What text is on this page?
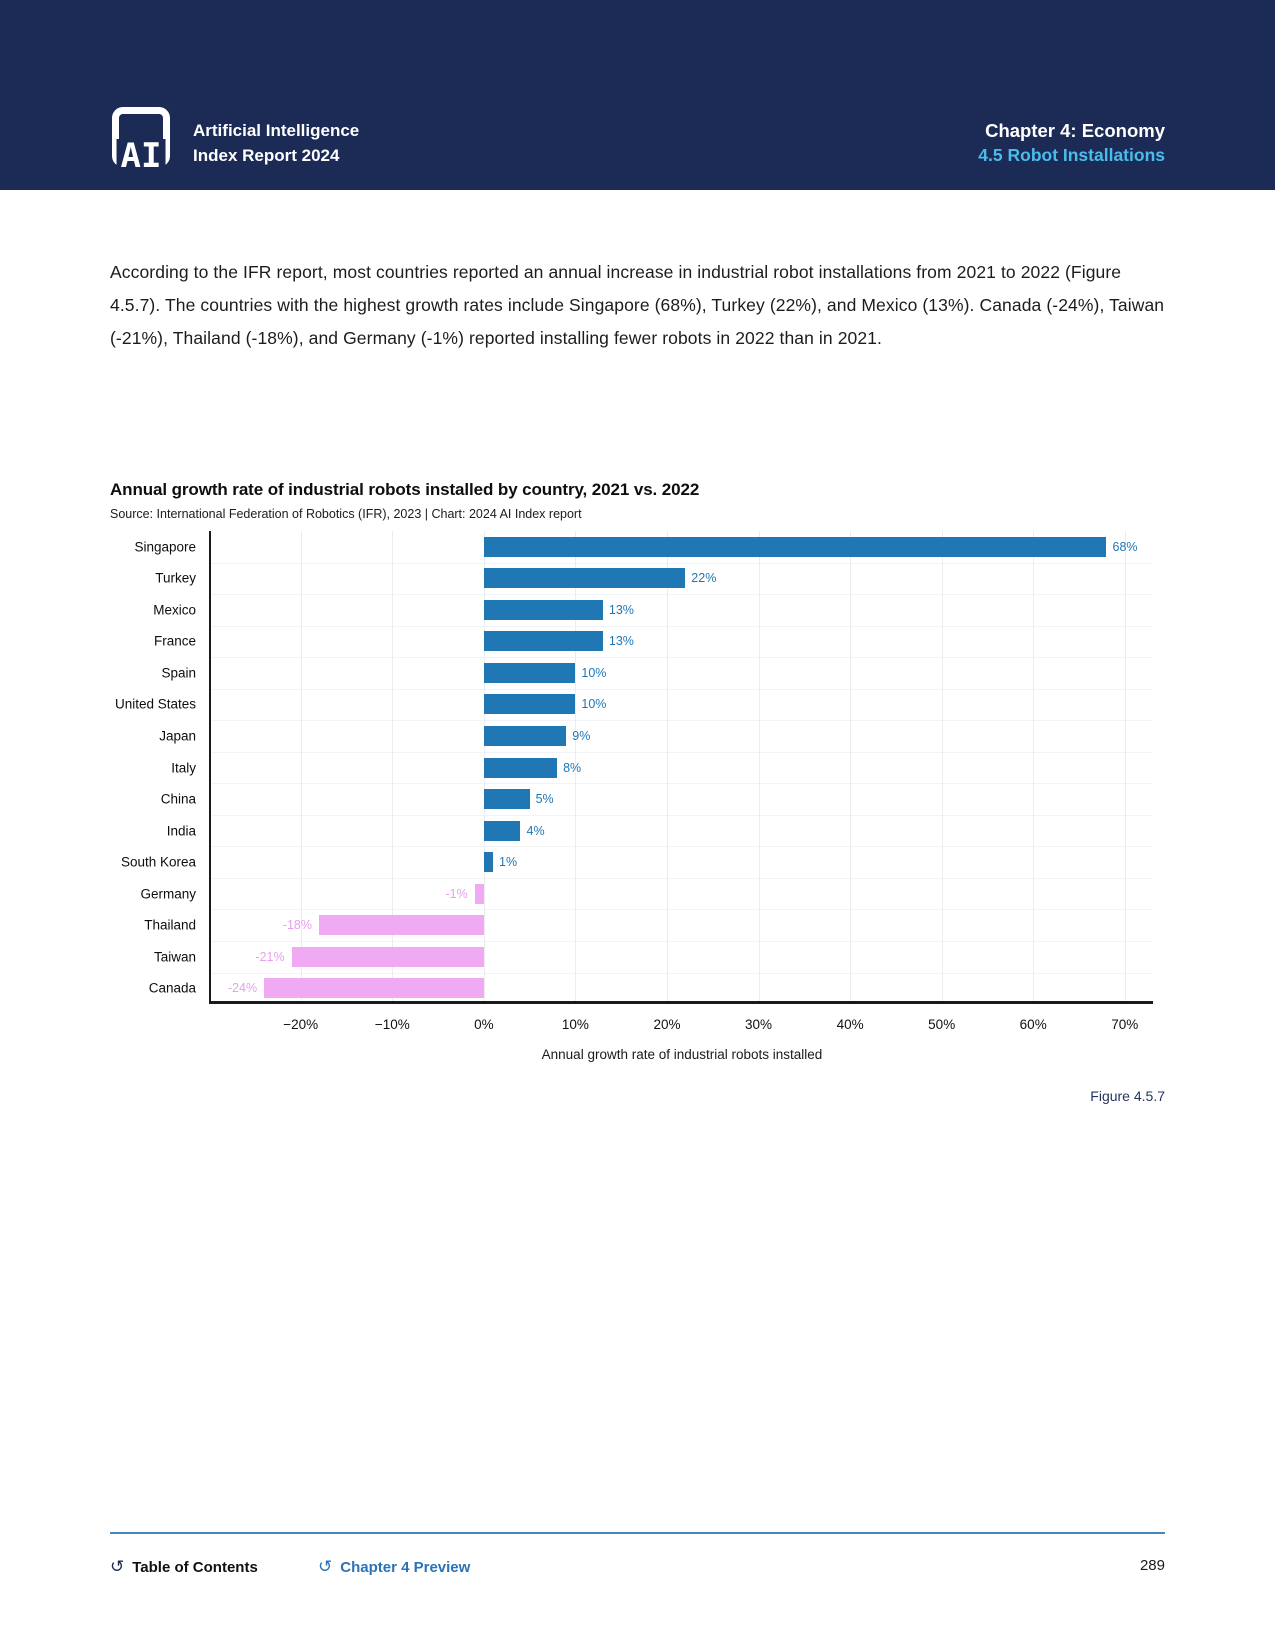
AI
Artificial Intelligence
Index Report 2024
Chapter 4: Economy
4.5 Robot Installations

According to the IFR report, most countries reported an annual increase in industrial robot installations from 2021 to 2022 (Figure 4.5.7). The countries with the highest growth rates include Singapore (68%), Turkey (22%), and Mexico (13%). Canada (-24%), Taiwan (-21%), Thailand (-18%), and Germany (-1%) reported installing fewer robots in 2022 than in 2021.

Annual growth rate of industrial robots installed by country, 2021 vs. 2022
Source: International Federation of Robotics (IFR), 2023 | Chart: 2024 AI Index report
Annual growth rate of industrial robots installed
−20%	−10%	0%	10%	20%	30%	40%	50%	60%	70%
Singapore	68%
Turkey	22%
Mexico	13%
France	13%
Spain	10%
United States	10%
Japan	9%
Italy	8%
China	5%
India	4%
South Korea	1%
Germany	-1%
Thailand	-18%
Taiwan	-21%
Canada	-24%
Figure 4.5.7
↺ Table of Contents	↺ Chapter 4 Preview	289
